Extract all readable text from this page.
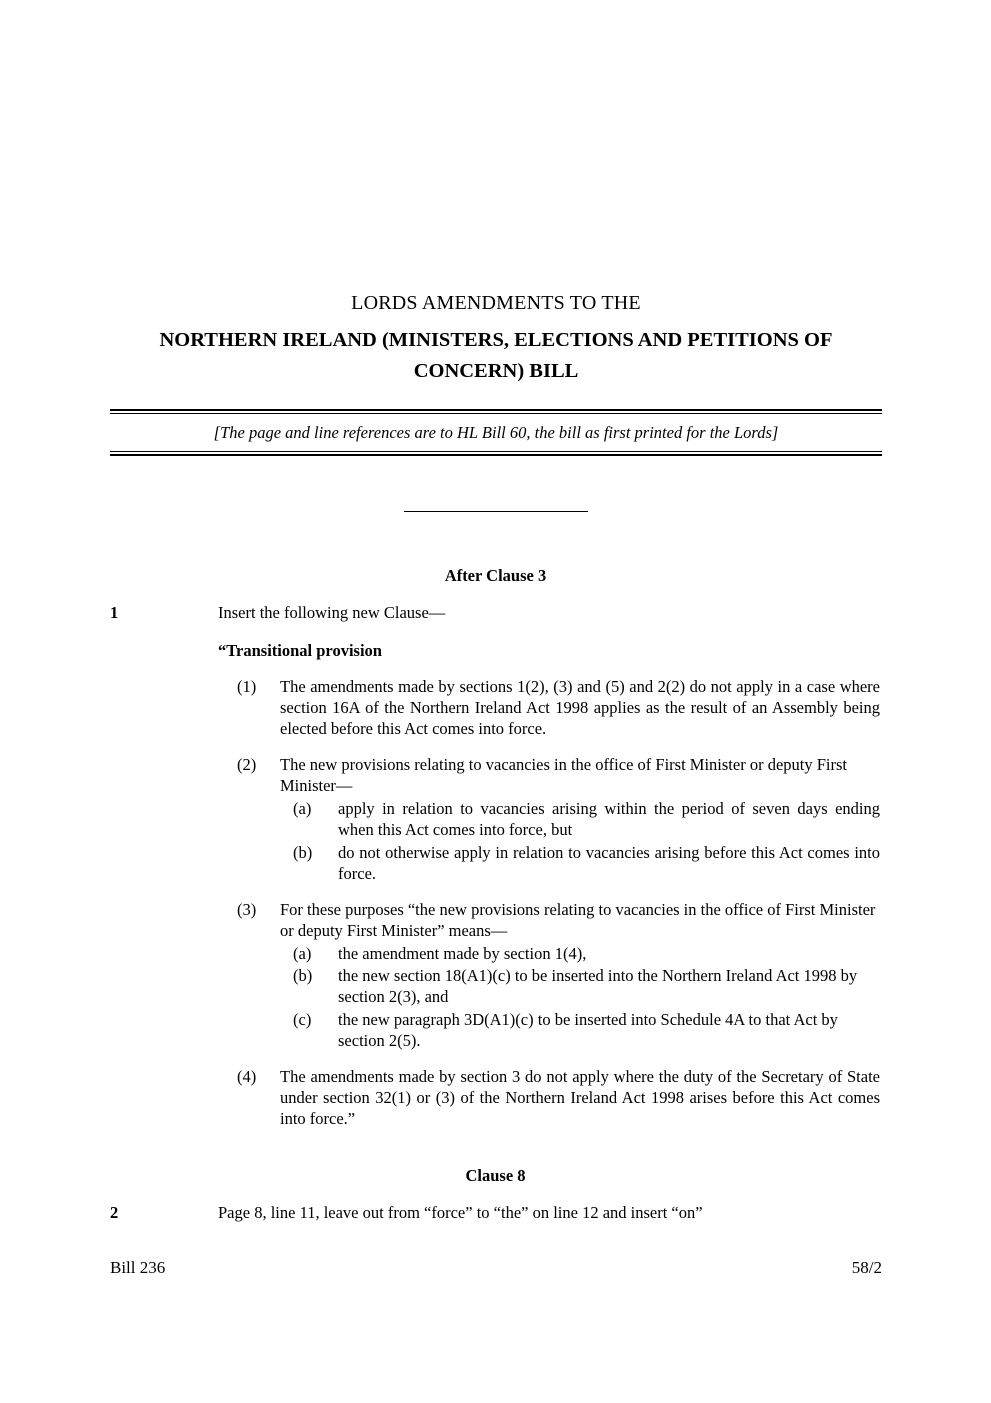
LORDS AMENDMENTS TO THE
NORTHERN IRELAND (MINISTERS, ELECTIONS AND PETITIONS OF CONCERN) BILL
[The page and line references are to HL Bill 60, the bill as first printed for the Lords]
After Clause 3
1	Insert the following new Clause—
“Transitional provision
(1)	The amendments made by sections 1(2), (3) and (5) and 2(2) do not apply in a case where section 16A of the Northern Ireland Act 1998 applies as the result of an Assembly being elected before this Act comes into force.
(2)	The new provisions relating to vacancies in the office of First Minister or deputy First Minister—
(a)	apply in relation to vacancies arising within the period of seven days ending when this Act comes into force, but
(b)	do not otherwise apply in relation to vacancies arising before this Act comes into force.
(3)	For these purposes “the new provisions relating to vacancies in the office of First Minister or deputy First Minister” means—
(a)	the amendment made by section 1(4),
(b)	the new section 18(A1)(c) to be inserted into the Northern Ireland Act 1998 by section 2(3), and
(c)	the new paragraph 3D(A1)(c) to be inserted into Schedule 4A to that Act by section 2(5).
(4)	The amendments made by section 3 do not apply where the duty of the Secretary of State under section 32(1) or (3) of the Northern Ireland Act 1998 arises before this Act comes into force.”
Clause 8
2	Page 8, line 11, leave out from “force” to “the” on line 12 and insert “on”
Bill 236	58/2
